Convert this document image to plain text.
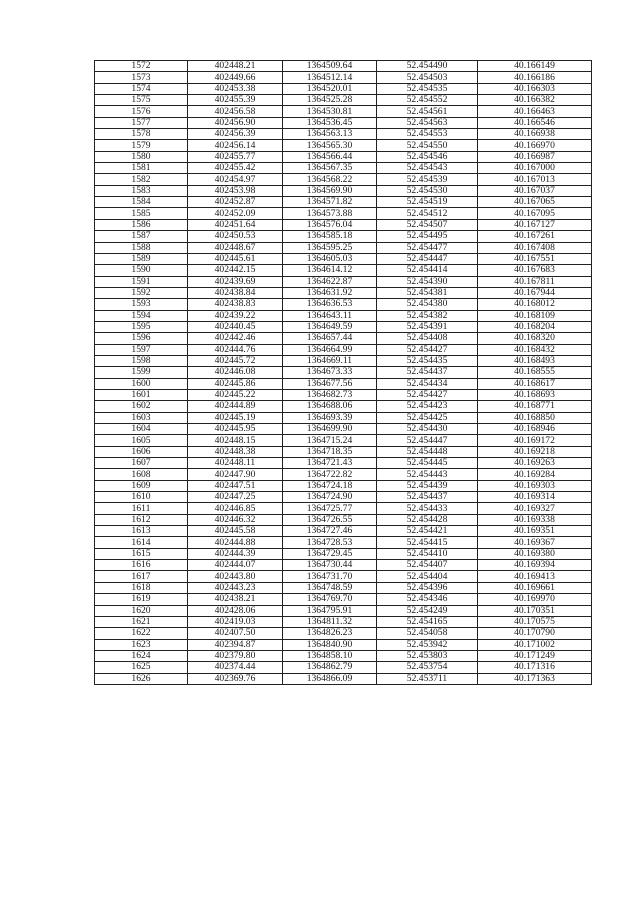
1572	402448.21	1364509.64	52.454490	40.166149
1573	402449.66	1364512.14	52.454503	40.166186
1574	402453.38	1364520.01	52.454535	40.166303
1575	402455.39	1364525.28	52.454552	40.166382
1576	402456.58	1364530.81	52.454561	40.166463
1577	402456.90	1364536.45	52.454563	40.166546
1578	402456.39	1364563.13	52.454553	40.166938
1579	402456.14	1364565.30	52.454550	40.166970
1580	402455.77	1364566.44	52.454546	40.166987
1581	402455.42	1364567.35	52.454543	40.167000
1582	402454.97	1364568.22	52.454539	40.167013
1583	402453.98	1364569.90	52.454530	40.167037
1584	402452.87	1364571.82	52.454519	40.167065
1585	402452.09	1364573.88	52.454512	40.167095
1586	402451.64	1364576.04	52.454507	40.167127
1587	402450.53	1364585.18	52.454495	40.167261
1588	402448.67	1364595.25	52.454477	40.167408
1589	402445.61	1364605.03	52.454447	40.167551
1590	402442.15	1364614.12	52.454414	40.167683
1591	402439.69	1364622.87	52.454390	40.167811
1592	402438.84	1364631.92	52.454381	40.167944
1593	402438.83	1364636.53	52.454380	40.168012
1594	402439.22	1364643.11	52.454382	40.168109
1595	402440.45	1364649.59	52.454391	40.168204
1596	402442.46	1364657.44	52.454408	40.168320
1597	402444.76	1364664.99	52.454427	40.168432
1598	402445.72	1364669.11	52.454435	40.168493
1599	402446.08	1364673.33	52.454437	40.168555
1600	402445.86	1364677.56	52.454434	40.168617
1601	402445.22	1364682.73	52.454427	40.168693
1602	402444.89	1364688.06	52.454423	40.168771
1603	402445.19	1364693.39	52.454425	40.168850
1604	402445.95	1364699.90	52.454430	40.168946
1605	402448.15	1364715.24	52.454447	40.169172
1606	402448.38	1364718.35	52.454448	40.169218
1607	402448.11	1364721.43	52.454445	40.169263
1608	402447.90	1364722.82	52.454443	40.169284
1609	402447.51	1364724.18	52.454439	40.169303
1610	402447.25	1364724.90	52.454437	40.169314
1611	402446.85	1364725.77	52.454433	40.169327
1612	402446.32	1364726.55	52.454428	40.169338
1613	402445.58	1364727.46	52.454421	40.169351
1614	402444.88	1364728.53	52.454415	40.169367
1615	402444.39	1364729.45	52.454410	40.169380
1616	402444.07	1364730.44	52.454407	40.169394
1617	402443.80	1364731.70	52.454404	40.169413
1618	402443.23	1364748.59	52.454396	40.169661
1619	402438.21	1364769.70	52.454346	40.169970
1620	402428.06	1364795.91	52.454249	40.170351
1621	402419.03	1364811.32	52.454165	40.170575
1622	402407.50	1364826.23	52.454058	40.170790
1623	402394.87	1364840.90	52.453942	40.171002
1624	402379.80	1364858.10	52.453803	40.171249
1625	402374.44	1364862.79	52.453754	40.171316
1626	402369.76	1364866.09	52.453711	40.171363
